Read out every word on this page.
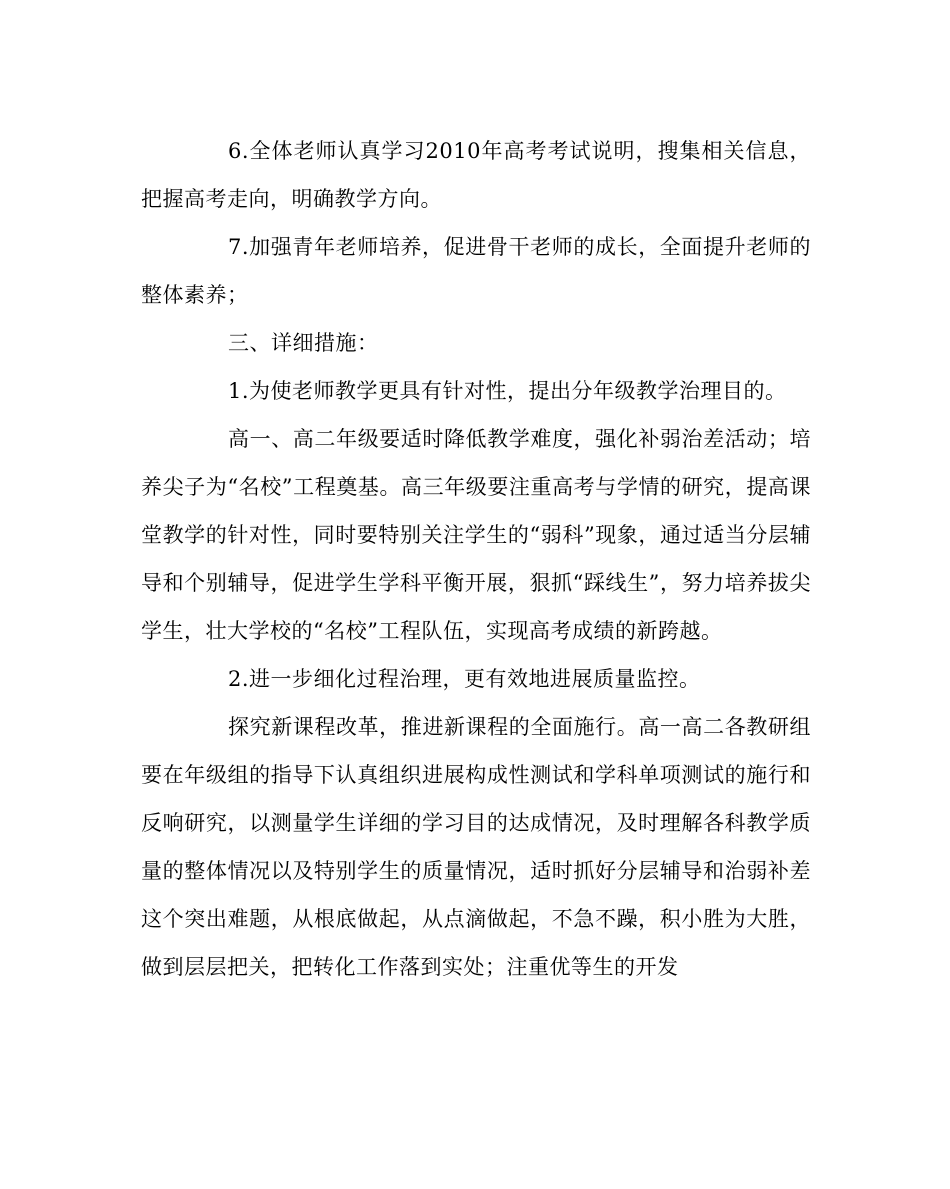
6.全体老师认真学习2010年高考考试说明，搜集相关信息，把握高考走向，明确教学方向。

7.加强青年老师培养，促进骨干老师的成长，全面提升老师的整体素养；

三、详细措施：

1.为使老师教学更具有针对性，提出分年级教学治理目的。

高一、高二年级要适时降低教学难度，强化补弱治差活动；培养尖子为“名校”工程奠基。高三年级要注重高考与学情的研究，提高课堂教学的针对性，同时要特别关注学生的“弱科”现象，通过适当分层辅导和个别辅导，促进学生学科平衡开展，狠抓“踩线生”，努力培养拔尖学生，壮大学校的“名校”工程队伍，实现高考成绩的新跨越。

2.进一步细化过程治理，更有效地进展质量监控。

探究新课程改革，推进新课程的全面施行。高一高二各教研组要在年级组的指导下认真组织进展构成性测试和学科单项测试的施行和反响研究，以测量学生详细的学习目的达成情况，及时理解各科教学质量的整体情况以及特别学生的质量情况，适时抓好分层辅导和治弱补差这个突出难题，从根底做起，从点滴做起，不急不躁，积小胜为大胜，做到层层把关，把转化工作落到实处；注重优等生的开发
